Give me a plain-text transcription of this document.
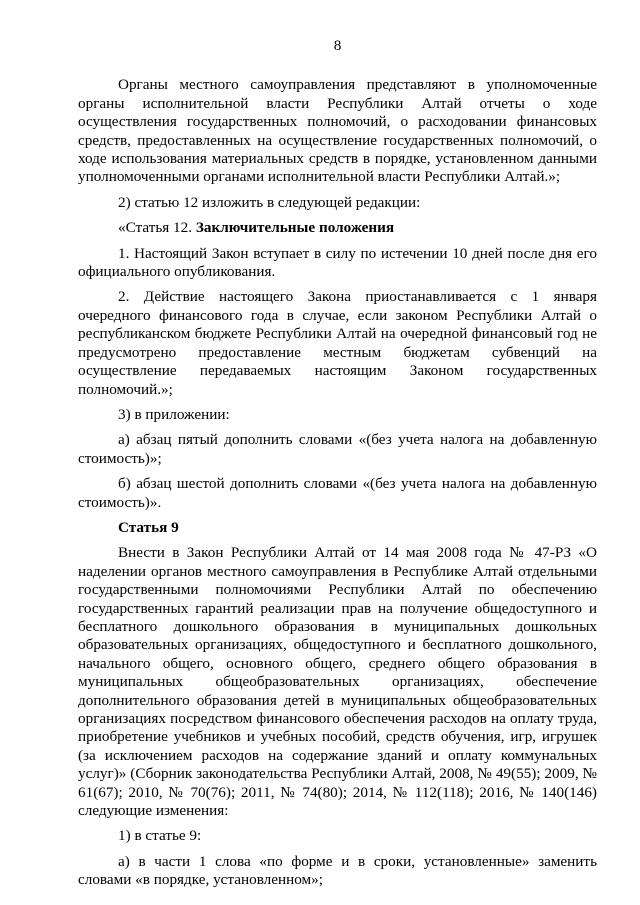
8

Органы местного самоуправления представляют в уполномоченные органы исполнительной власти Республики Алтай отчеты о ходе осуществления государственных полномочий, о расходовании финансовых средств, предоставленных на осуществление государственных полномочий, о ходе использования материальных средств в порядке, установленном данными уполномоченными органами исполнительной власти Республики Алтай.»;

2) статью 12 изложить в следующей редакции:

«Статья 12. Заключительные положения

1. Настоящий Закон вступает в силу по истечении 10 дней после дня его официального опубликования.

2. Действие настоящего Закона приостанавливается с 1 января очередного финансового года в случае, если законом Республики Алтай о республиканском бюджете Республики Алтай на очередной финансовый год не предусмотрено предоставление местным бюджетам субвенций на осуществление передаваемых настоящим Законом государственных полномочий.»;

3) в приложении:

а) абзац пятый дополнить словами «(без учета налога на добавленную стоимость)»;

б) абзац шестой дополнить словами «(без учета налога на добавленную стоимость)».

Статья 9

Внести в Закон Республики Алтай от 14 мая 2008 года № 47-РЗ «О наделении органов местного самоуправления в Республике Алтай отдельными государственными полномочиями Республики Алтай по обеспечению государственных гарантий реализации прав на получение общедоступного и бесплатного дошкольного образования в муниципальных дошкольных образовательных организациях, общедоступного и бесплатного дошкольного, начального общего, основного общего, среднего общего образования в муниципальных общеобразовательных организациях, обеспечение дополнительного образования детей в муниципальных общеобразовательных организациях посредством финансового обеспечения расходов на оплату труда, приобретение учебников и учебных пособий, средств обучения, игр, игрушек (за исключением расходов на содержание зданий и оплату коммунальных услуг)» (Сборник законодательства Республики Алтай, 2008, № 49(55); 2009, № 61(67); 2010, № 70(76); 2011, № 74(80); 2014, № 112(118); 2016, № 140(146) следующие изменения:

1) в статье 9:

а) в части 1 слова «по форме и в сроки, установленные» заменить словами «в порядке, установленном»;
